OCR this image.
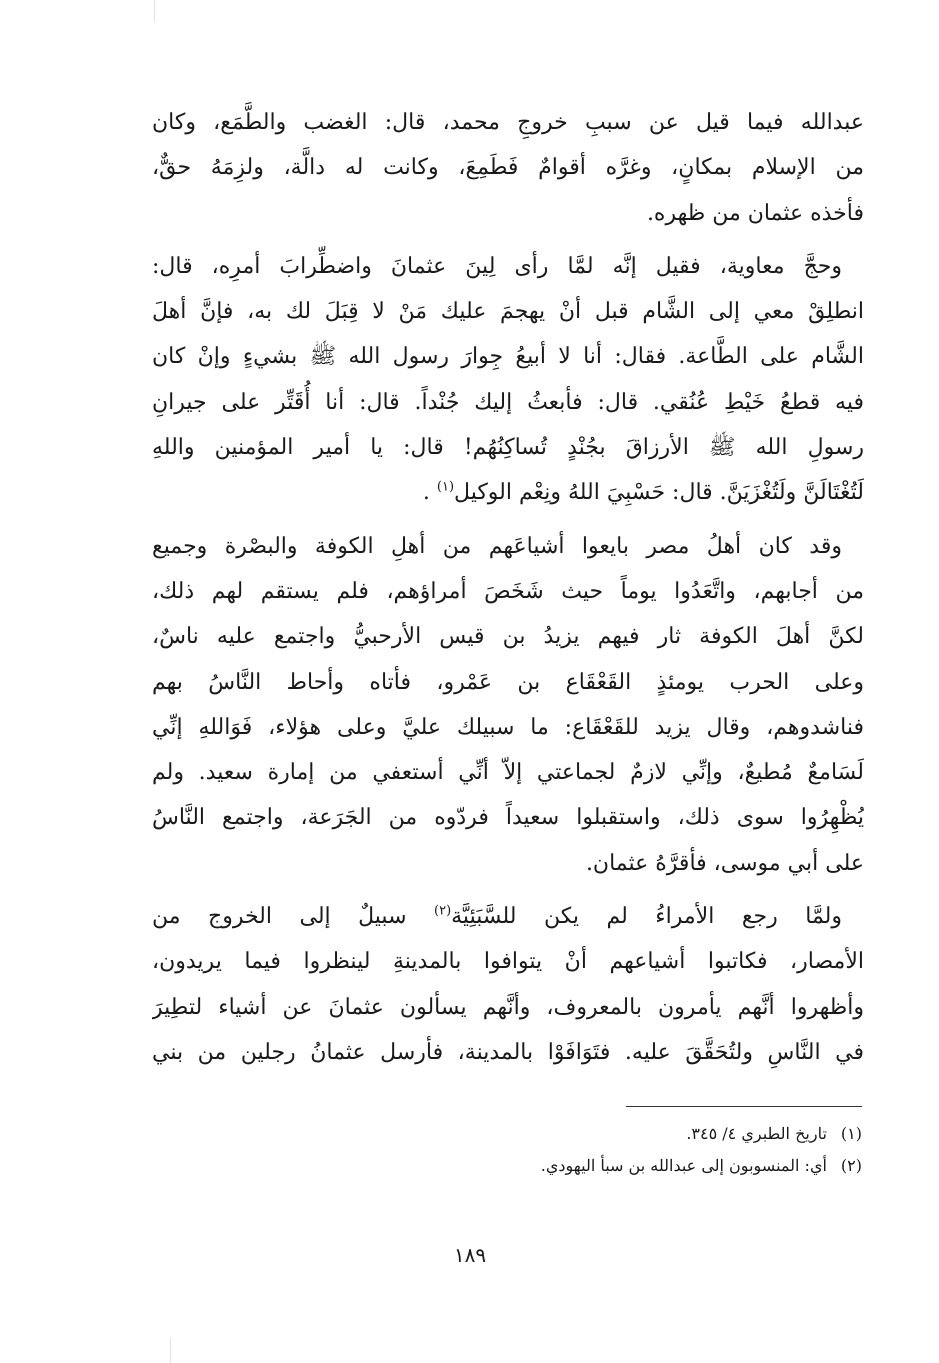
عبدالله فيما قيل عن سببِ خروجِ محمد، قال: الغضب والطَّمَع، وكان
من الإسلام بمكانٍ، وغرَّه أقوامٌ فَطَمِعَ، وكانت له دالَّة، ولزِمَهُ حقٌّ،
فأخذه عثمان من ظهره.
وحجَّ معاوية، فقيل إنَّه لمَّا رأى لِينَ عثمانَ واضطِّرابَ أمرِه، قال:
انطلِقْ معي إلى الشَّام قبل أنْ يهجمَ عليك مَنْ لا قِبَلَ لك به، فإنَّ أهلَ
الشَّام على الطَّاعة. فقال: أنا لا أبيعُ جِوارَ رسول الله ﷺ بشيءٍ وإنْ كان
فيه قطعُ خَيْطِ عُنُقي. قال: فأبعثُ إليك جُنْداً. قال: أنا أُقَتِّر على جيرانِ
رسولِ الله ﷺ الأرزاقَ بجُنْدٍ تُساكِنُهُم! قال: يا أمير المؤمنين واللهِ
لَتُغْتَالَنَّ ولَتُغْزَيَنَّ. قال: حَسْبِيَ اللهُ ونِعْم الوكيل$^{(١)}$ .
وقد كان أهلُ مصر بايعوا أشياعَهم من أهلِ الكوفة والبصْرة وجميع
من أجابهم، واتَّعَدُوا يوماً حيث شَخَصَ أمراؤهم، فلم يستقم لهم ذلك،
لكنَّ أهلَ الكوفة ثار فيهم يزيدُ بن قيس الأرحبيُّ واجتمع عليه ناسٌ،
وعلى الحرب يومئذٍ القَعْقَاع بن عَمْرو، فأتاه وأحاط النَّاسُ بهم
فناشدوهم، وقال يزيد للقَعْقَاع: ما سبيلك عليَّ وعلى هؤلاء، فَوَاللهِ إنِّي
لَسَامعٌ مُطيعٌ، وإنِّي لازمٌ لجماعتي إلاّ أنِّي أستعفي من إمارة سعيد. ولم
يُظْهِرُوا سوى ذلك، واستقبلوا سعيداً فردّوه من الجَرَعة، واجتمع النَّاسُ
على أبي موسى، فأقرَّهُ عثمان.
ولمَّا رجع الأمراءُ لم يكن للسَّبَئِيَّة$^{(٢)}$ سبيلٌ إلى الخروج من
الأمصار، فكاتبوا أشياعهم أنْ يتوافوا بالمدينةِ لينظروا فيما يريدون،
وأظهروا أنَّهم يأمرون بالمعروف، وأنَّهم يسألون عثمانَ عن أشياء لتطِيرَ
في النَّاسِ ولتُحَقَّقَ عليه. فتَوَافَوْا بالمدينة، فأرسل عثمانُ رجلين من بني
(١)تاريخ الطبري ٤/ ٣٤٥.
(٢)أي: المنسوبون إلى عبدالله بن سبأ اليهودي.
١٨٩
